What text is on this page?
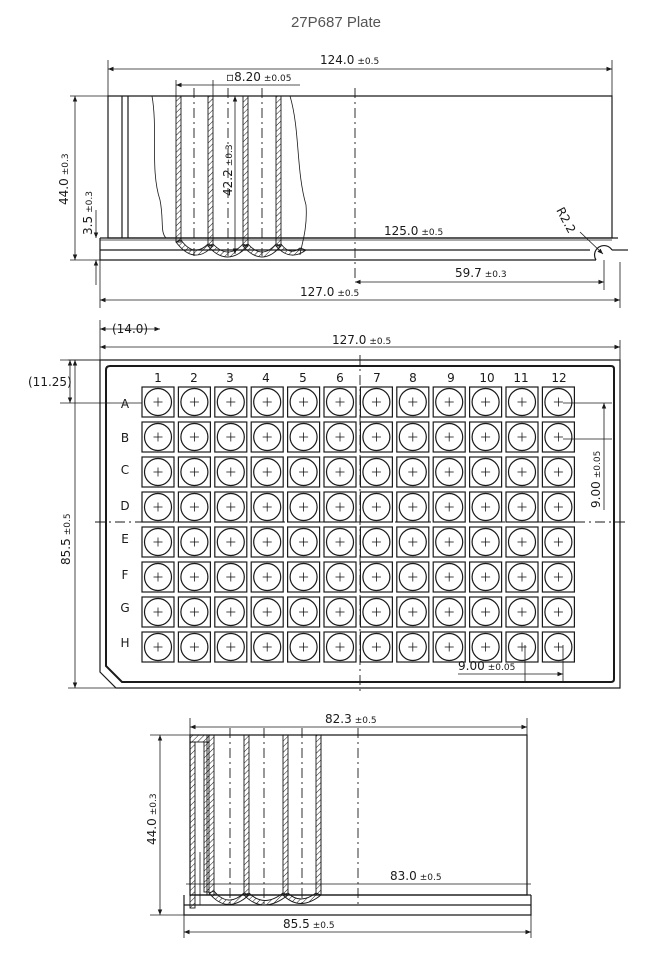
27P687 Plate
124.0 ±0.5
▫8.20 ±0.05
44.0±0.3
3.5±0.3
42.2±0.3
R2.2
125.0 ±0.5
59.7 ±0.3
127.0 ±0.5
(14.0)
127.0 ±0.5
(11.25)
85.5±0.5
1 2 3 4 5 6 7 8	9 10 11 12
A
B
C
D
E
F
G
H
9.00±0.05
9.00 ±0.05
82.3 ±0.5
44.0±0.3
83.0 ±0.5
85.5 ±0.5
